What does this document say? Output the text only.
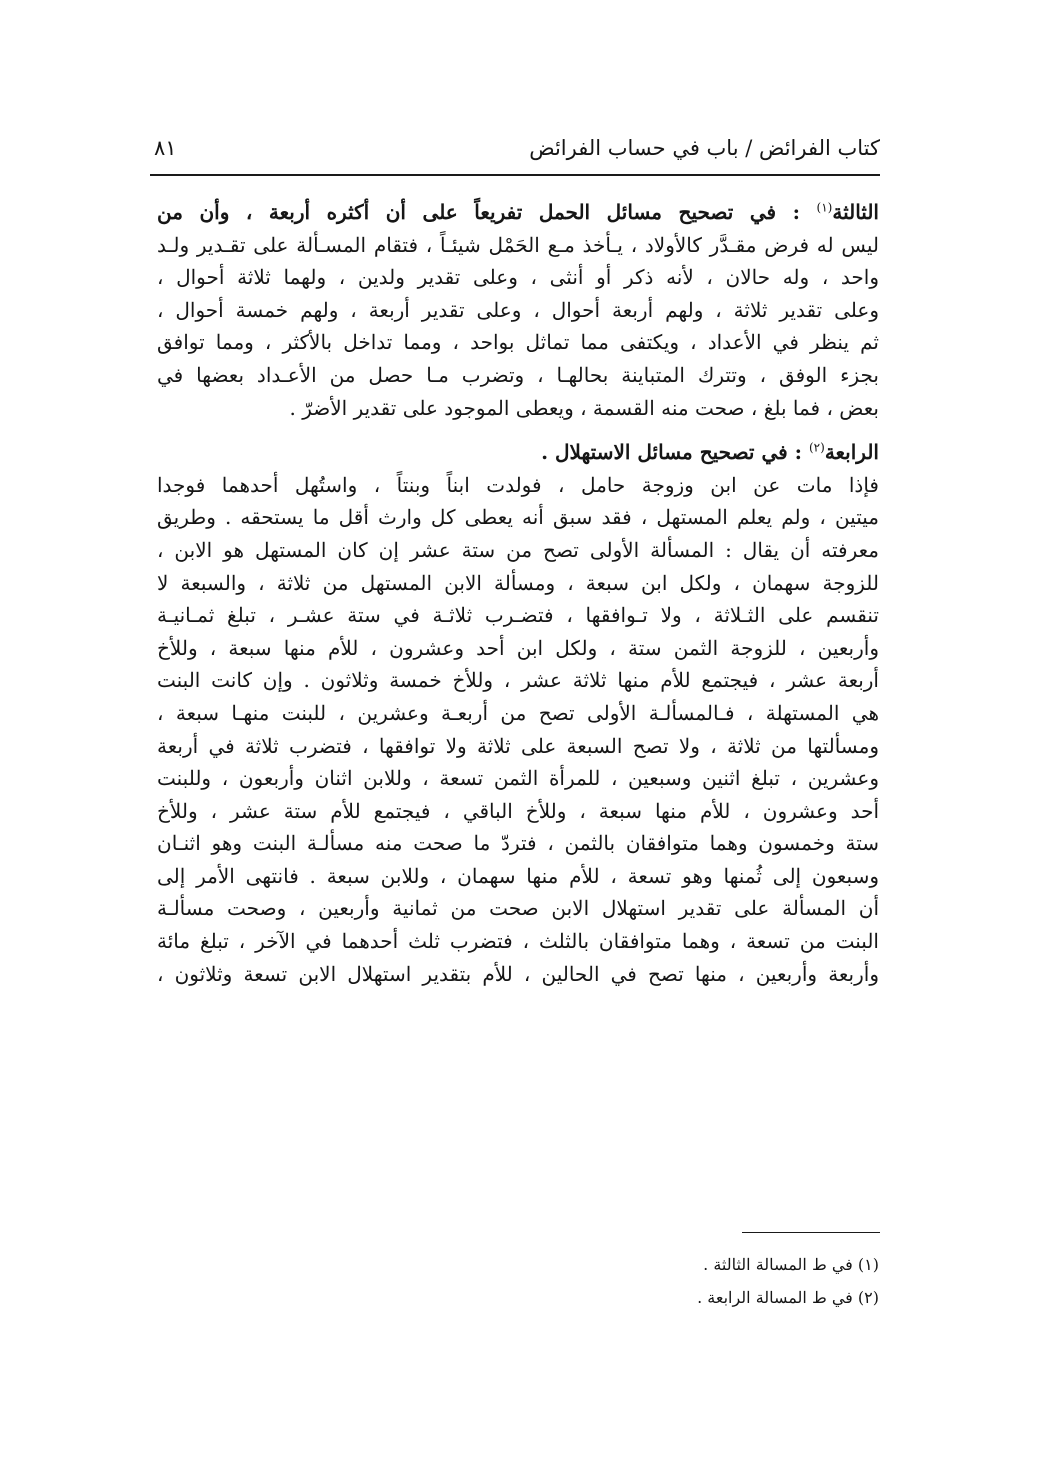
كتاب الفرائض / باب في حساب الفرائض
٨١
الثالثة$^{(١)}$ : في تصحيح مسائل الحمل تفريعاً على أن أكثره أربعة ، وأن من
ليس له فرض مقـدَّر كالأولاد ، يـأخذ مـع الحَمْل شيئـاً ، فتقام المسـألة على تقـدير ولـد
واحد ، وله حالان ، لأنه ذكر أو أنثى ، وعلى تقدير ولدين ، ولهما ثلاثة أحوال ،
وعلى تقدير ثلاثة ، ولهم أربعة أحوال ، وعلى تقدير أربعة ، ولهم خمسة أحوال ،
ثم ينظر في الأعداد ، ويكتفى مما تماثل بواحد ، ومما تداخل بالأكثر ، ومما توافق
بجزء الوفق ، وتترك المتباينة بحالهـا ، وتضرب مـا حصل من الأعـداد بعضها في
بعض ، فما بلغ ، صحت منه القسمة ، ويعطى الموجود على تقدير الأضرّ .
الرابعة$^{(٢)}$ : في تصحيح مسائل الاستهلال .
فإذا مات عن ابن وزوجة حامل ، فولدت ابناً وبنتاً ، واستُهل أحدهما فوجدا
ميتين ، ولم يعلم المستهل ، فقد سبق أنه يعطى كل وارث أقل ما يستحقه . وطريق
معرفته أن يقال : المسألة الأولى تصح من ستة عشر إن كان المستهل هو الابن ،
للزوجة سهمان ، ولكل ابن سبعة ، ومسألة الابن المستهل من ثلاثة ، والسبعة لا
تنقسم على الثـلاثة ، ولا تـوافقها ، فتضـرب ثلاثـة في ستة عشـر ، تبلغ ثمـانيـة
وأربعين ، للزوجة الثمن ستة ، ولكل ابن أحد وعشرون ، للأم منها سبعة ، وللأخ
أربعة عشر ، فيجتمع للأم منها ثلاثة عشر ، وللأخ خمسة وثلاثون . وإن كانت البنت
هي المستهلة ، فـالمسألـة الأولى تصح من أربعـة وعشرين ، للبنت منهـا سبعة ،
ومسألتها من ثلاثة ، ولا تصح السبعة على ثلاثة ولا توافقها ، فتضرب ثلاثة في أربعة
وعشرين ، تبلغ اثنين وسبعين ، للمرأة الثمن تسعة ، وللابن اثنان وأربعون ، وللبنت
أحد وعشرون ، للأم منها سبعة ، وللأخ الباقي ، فيجتمع للأم ستة عشر ، وللأخ
ستة وخمسون وهما متوافقان بالثمن ، فتردّ ما صحت منه مسألـة البنت وهو اثنـان
وسبعون إلى ثُمنها وهو تسعة ، للأم منها سهمان ، وللابن سبعة . فانتهى الأمر إلى
أن المسألة على تقدير استهلال الابن صحت من ثمانية وأربعين ، وصحت مسألـة
البنت من تسعة ، وهما متوافقان بالثلث ، فتضرب ثلث أحدهما في الآخر ، تبلغ مائة
وأربعة وأربعين ، منها تصح في الحالين ، للأم بتقدير استهلال الابن تسعة وثلاثون ،
(١) في ط المسالة الثالثة .
(٢) في ط المسالة الرابعة .
